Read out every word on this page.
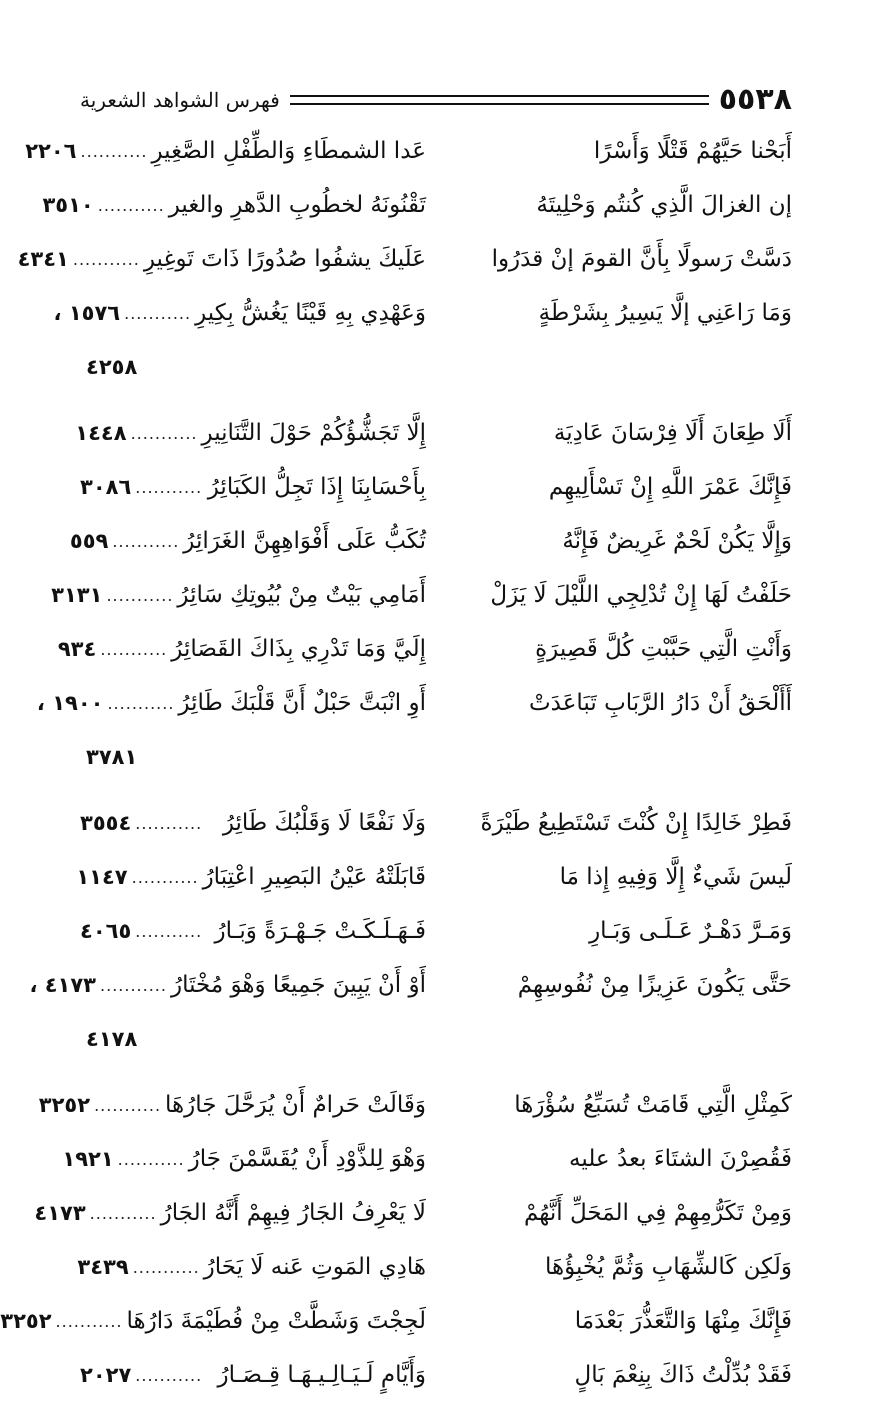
٥٥٣٨
فهرس الشواهد الشعرية
أَبَحْنا حَيَّهُمْ قَتْلًا وَأَسْرًا
عَدا الشمطَاءِ وَالطِّفْلِ الصَّغِيرِ
...........
٢٢٠٦
إن الغزالَ الَّذِي كُنتُم وَحْلِيتَهُ
تَقْنُونَهُ لخطُوبِ الدَّهرِ والغير
...........
٣٥١٠
دَسَّتْ رَسولًا بِأَنَّ القومَ إنْ قدَرُوا
عَلَيكَ يشفُوا صُدُورًا ذَاتَ تَوغِيرِ
...........
٤٣٤١
وَمَا رَاعَنِي إلَّا يَسِيرُ بِشَرْطَةٍ
وَعَهْدِي بِهِ قَيْنًا يَغُشُّ بِكِيرِ
...........
١٥٧٦ ،
٤٢٥٨
أَلَا طِعَانَ أَلَا فِرْسَانَ عَادِيَة
إِلَّا تَجَشُّؤُكُمْ حَوْلَ التَّنَانِيرِ
...........
١٤٤٨
فَإِنَّكَ عَمْرَ اللَّهِ إِنْ تَسْأَلِيهِم
بِأَحْسَابِنَا إِذَا تَجِلُّ الكَبَائِرُ
...........
٣٠٨٦
وَإِلَّا يَكُنْ لَحْمٌ غَرِيضٌ فَإِنَّهُ
تُكَبُّ عَلَى أَفْوَاهِهِنَّ الغَرَائِرُ
...........
٥٥٩
حَلَفْتُ لَهَا إِنْ تُدْلِجِي اللَّيْلَ لَا يَزَلْ
أَمَامِي بَيْتٌ مِنْ بُيُوتِكِ سَائِرُ
...........
٣١٣١
وَأَنْتِ الَّتِي حَبَّبْتِ كُلَّ قَصِيرَةٍ
إِلَيَّ وَمَا تَدْرِي بِذَاكَ القَصَائِرُ
...........
٩٣٤
أَأَلْحَقُ أَنْ دَارُ الرَّبَابِ تَبَاعَدَتْ
أَوِ انْبَتَّ حَبْلٌ أَنَّ قَلْبَكَ طَائِرُ
...........
١٩٠٠ ،
٣٧٨١
فَطِرْ خَالِدًا إِنْ كُنْتَ تَسْتَطِيعُ طَيْرَةً
وَلَا نَفْعًا لَا وَقَلْبُكَ طَائِرُ
...........
٣٥٥٤
لَيسَ شَيءٌ إِلَّا وَفِيهِ إِذا مَا
قَابَلَتْهُ عَيْنُ البَصِيرِ اعْتِبَارُ
...........
١١٤٧
وَمَـرَّ دَهْـرٌ عَـلَـى وَبَـارِ
فَـهَـلَـكَـتْ جَـهْـرَةً وَبَـارُ
...........
٤٠٦٥
حَتَّى يَكُونَ عَزِيزًا مِنْ نُفُوسِهِمْ
أَوْ أَنْ يَبِينَ جَمِيعًا وَهْوَ مُخْتَارُ
...........
٤١٧٣ ،
٤١٧٨
كَمِثْلِ الَّتِي قَامَتْ تُسَبِّعُ سُؤْرَهَا
وَقَالَتْ حَرامٌ أَنْ يُرَحَّلَ جَارُهَا
...........
٣٢٥٢
فَقُصِرْنَ الشتَاءَ بعدُ عليه
وَهْوَ لِلذَّوْدِ أَنْ يُقَسَّمْنَ جَارُ
...........
١٩٢١
وَمِنْ تَكَرُّمِهِمْ فِي المَحَلِّ أَنَّهُمْ
لَا يَعْرِفُ الجَارُ فِيهِمْ أَنَّهُ الجَارُ
...........
٤١٧٣
وَلَكِن كَالشِّهَابِ وَثُمَّ يُخْبِؤُهَا
هَادِي المَوتِ عَنه لَا يَحَارُ
...........
٣٤٣٩
فَإِنَّكَ مِنْهَا وَالتَّعَذُّرَ بَعْدَمَا
لَجِجْتَ وَشَطَّتْ مِنْ فُطَيْمَةَ دَارُهَا
...........
٣٢٥٢
فَقَدْ بُدِّلْتُ ذَاكَ بِنِعْمَ بَالٍ
وَأَيَّامٍ لَـيَـالِـيـهَـا قِـصَـارُ
...........
٢٠٢٧
